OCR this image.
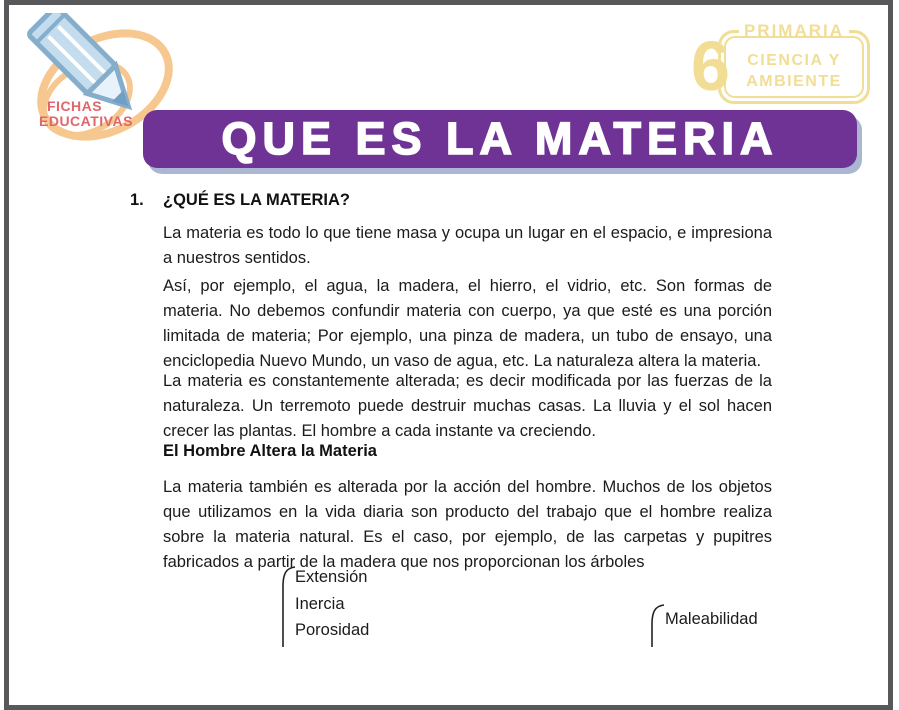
FICHAS
EDUCATIVAS
6 PRIMARIA
CIENCIA Y
AMBIENTE
QUE ES LA MATERIA
1. ¿QUÉ ES LA MATERIA?

La materia es todo lo que tiene masa y ocupa un lugar en el espacio, e impresiona a nuestros sentidos.

Así, por ejemplo, el agua, la madera, el hierro, el vidrio, etc. Son formas de materia. No debemos confundir materia con cuerpo, ya que esté es una porción limitada de materia; Por ejemplo, una pinza de madera, un tubo de ensayo, una enciclopedia Nuevo Mundo, un vaso de agua, etc. La naturaleza altera la materia.

La materia es constantemente alterada; es decir modificada por las fuerzas de la naturaleza. Un terremoto puede destruir muchas casas. La lluvia y el sol hacen crecer las plantas. El hombre a cada instante va creciendo.

El Hombre Altera la Materia

La materia también es alterada por la acción del hombre. Muchos de los objetos que utilizamos en la vida diaria son producto del trabajo que el hombre realiza sobre la materia natural. Es el caso, por ejemplo, de las carpetas y pupitres fabricados a partir de la madera que nos proporcionan los árboles

Extensión
Inercia
Porosidad
Maleabilidad
